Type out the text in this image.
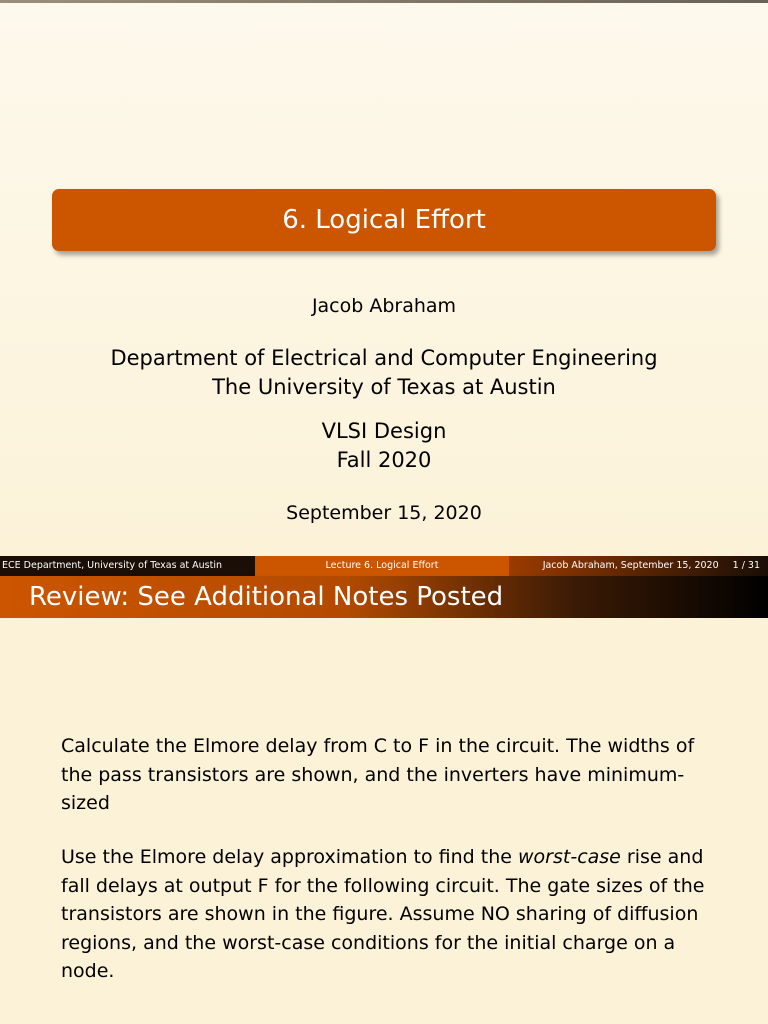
6. Logical Effort
Jacob Abraham
Department of Electrical and Computer Engineering
The University of Texas at Austin
VLSI Design
Fall 2020
September 15, 2020
ECE Department, University of Texas at Austin	Lecture 6. Logical Effort	Jacob Abraham, September 15, 2020 1 / 31
Review: See Additional Notes Posted
Calculate the Elmore delay from C to F in the circuit. The widths of the pass transistors are shown, and the inverters have minimum-sized
Use the Elmore delay approximation to find the worst-case rise and fall delays at output F for the following circuit. The gate sizes of the transistors are shown in the figure. Assume NO sharing of diffusion regions, and the worst-case conditions for the initial charge on a node.
